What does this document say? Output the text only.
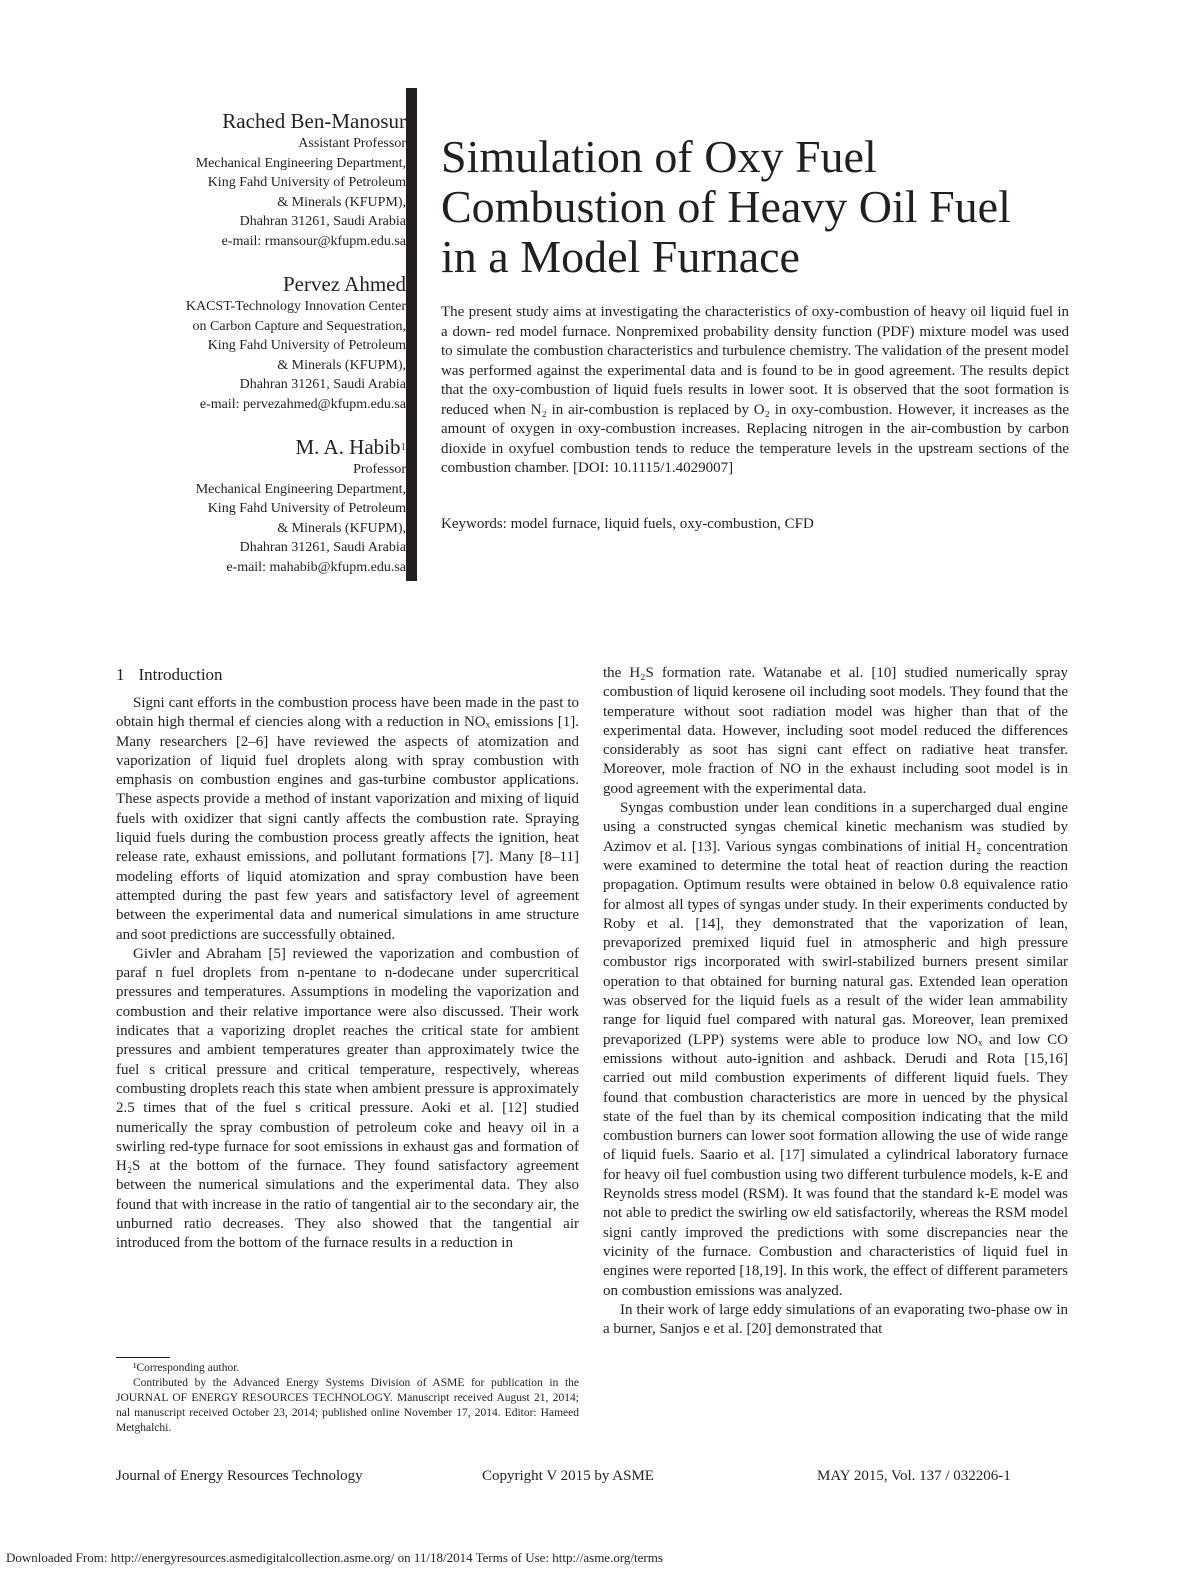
Rached Ben-Manosur
Assistant Professor
Mechanical Engineering Department,
King Fahd University of Petroleum
& Minerals (KFUPM),
Dhahran 31261, Saudi Arabia
e-mail: rmansour@kfupm.edu.sa
Pervez Ahmed
KACST-Technology Innovation Center
on Carbon Capture and Sequestration,
King Fahd University of Petroleum
& Minerals (KFUPM),
Dhahran 31261, Saudi Arabia
e-mail: pervezahmed@kfupm.edu.sa
M. A. Habib$^1$
Professor
Mechanical Engineering Department,
King Fahd University of Petroleum
& Minerals (KFUPM),
Dhahran 31261, Saudi Arabia
e-mail: mahabib@kfupm.edu.sa
Simulation of Oxy Fuel
Combustion of Heavy Oil Fuel
in a Model Furnace
The present study aims at investigating the characteristics of oxy-combustion of heavy oil liquid fuel in a down- red model furnace. Nonpremixed probability density function (PDF) mixture model was used to simulate the combustion characteristics and turbulence chemistry. The validation of the present model was performed against the experimental data and is found to be in good agreement. The results depict that the oxy-combustion of liquid fuels results in lower soot. It is observed that the soot formation is reduced when N₂ in air-combustion is replaced by O₂ in oxy-combustion. However, it increases as the amount of oxygen in oxy-combustion increases. Replacing nitrogen in the air-combustion by carbon dioxide in oxyfuel combustion tends to reduce the temperature levels in the upstream sections of the combustion chamber. [DOI: 10.1115/1.4029007]
Keywords: model furnace, liquid fuels, oxy-combustion, CFD
1 Introduction

Signi cant efforts in the combustion process have been made in the past to obtain high thermal ef ciencies along with a reduction in NOₓ emissions [1]. Many researchers [2–6] have reviewed the aspects of atomization and vaporization of liquid fuel droplets along with spray combustion with emphasis on combustion engines and gas-turbine combustor applications. These aspects provide a method of instant vaporization and mixing of liquid fuels with oxidizer that signi cantly affects the combustion rate. Spraying liquid fuels during the combustion process greatly affects the ignition, heat release rate, exhaust emissions, and pollutant formations [7]. Many [8–11] modeling efforts of liquid atomization and spray combustion have been attempted during the past few years and satisfactory level of agreement between the experimental data and numerical simulations in ame structure and soot predictions are successfully obtained.

Givler and Abraham [5] reviewed the vaporization and combustion of paraf n fuel droplets from n-pentane to n-dodecane under supercritical pressures and temperatures. Assumptions in modeling the vaporization and combustion and their relative importance were also discussed. Their work indicates that a vaporizing droplet reaches the critical state for ambient pressures and ambient temperatures greater than approximately twice the fuel s critical pressure and critical temperature, respectively, whereas combusting droplets reach this state when ambient pressure is approximately 2.5 times that of the fuel s critical pressure. Aoki et al. [12] studied numerically the spray combustion of petroleum coke and heavy oil in a swirling red-type furnace for soot emissions in exhaust gas and formation of H₂S at the bottom of the furnace. They found satisfactory agreement between the numerical simulations and the experimental data. They also found that with increase in the ratio of tangential air to the secondary air, the unburned ratio decreases. They also showed that the tangential air introduced from the bottom of the furnace results in a reduction in

the H₂S formation rate. Watanabe et al. [10] studied numerically spray combustion of liquid kerosene oil including soot models. They found that the temperature without soot radiation model was higher than that of the experimental data. However, including soot model reduced the differences considerably as soot has signi cant effect on radiative heat transfer. Moreover, mole fraction of NO in the exhaust including soot model is in good agreement with the experimental data.

Syngas combustion under lean conditions in a supercharged dual engine using a constructed syngas chemical kinetic mechanism was studied by Azimov et al. [13]. Various syngas combinations of initial H₂ concentration were examined to determine the total heat of reaction during the reaction propagation. Optimum results were obtained in below 0.8 equivalence ratio for almost all types of syngas under study. In their experiments conducted by Roby et al. [14], they demonstrated that the vaporization of lean, prevaporized premixed liquid fuel in atmospheric and high pressure combustor rigs incorporated with swirl-stabilized burners present similar operation to that obtained for burning natural gas. Extended lean operation was observed for the liquid fuels as a result of the wider lean ammability range for liquid fuel compared with natural gas. Moreover, lean premixed prevaporized (LPP) systems were able to produce low NOₓ and low CO emissions without auto-ignition and ashback. Derudi and Rota [15,16] carried out mild combustion experiments of different liquid fuels. They found that combustion characteristics are more in uenced by the physical state of the fuel than by its chemical composition indicating that the mild combustion burners can lower soot formation allowing the use of wide range of liquid fuels. Saario et al. [17] simulated a cylindrical laboratory furnace for heavy oil fuel combustion using two different turbulence models, k-E and Reynolds stress model (RSM). It was found that the standard k-E model was not able to predict the swirling ow eld satisfactorily, whereas the RSM model signi cantly improved the predictions with some discrepancies near the vicinity of the furnace. Combustion and characteristics of liquid fuel in engines were reported [18,19]. In this work, the effect of different parameters on combustion emissions was analyzed.

In their work of large eddy simulations of an evaporating two-phase ow in a burner, Sanjos e et al. [20] demonstrated that

¹Corresponding author.

Contributed by the Advanced Energy Systems Division of ASME for publication in the JOURNAL OF ENERGY RESOURCES TECHNOLOGY. Manuscript received August 21, 2014; nal manuscript received October 23, 2014; published online November 17, 2014. Editor: Hameed Metghalchi.

Journal of Energy Resources Technology	Copyright V 2015 by ASME	MAY 2015, Vol. 137 / 032206-1
Downloaded From: http://energyresources.asmedigitalcollection.asme.org/ on 11/18/2014 Terms of Use: http://asme.org/terms
